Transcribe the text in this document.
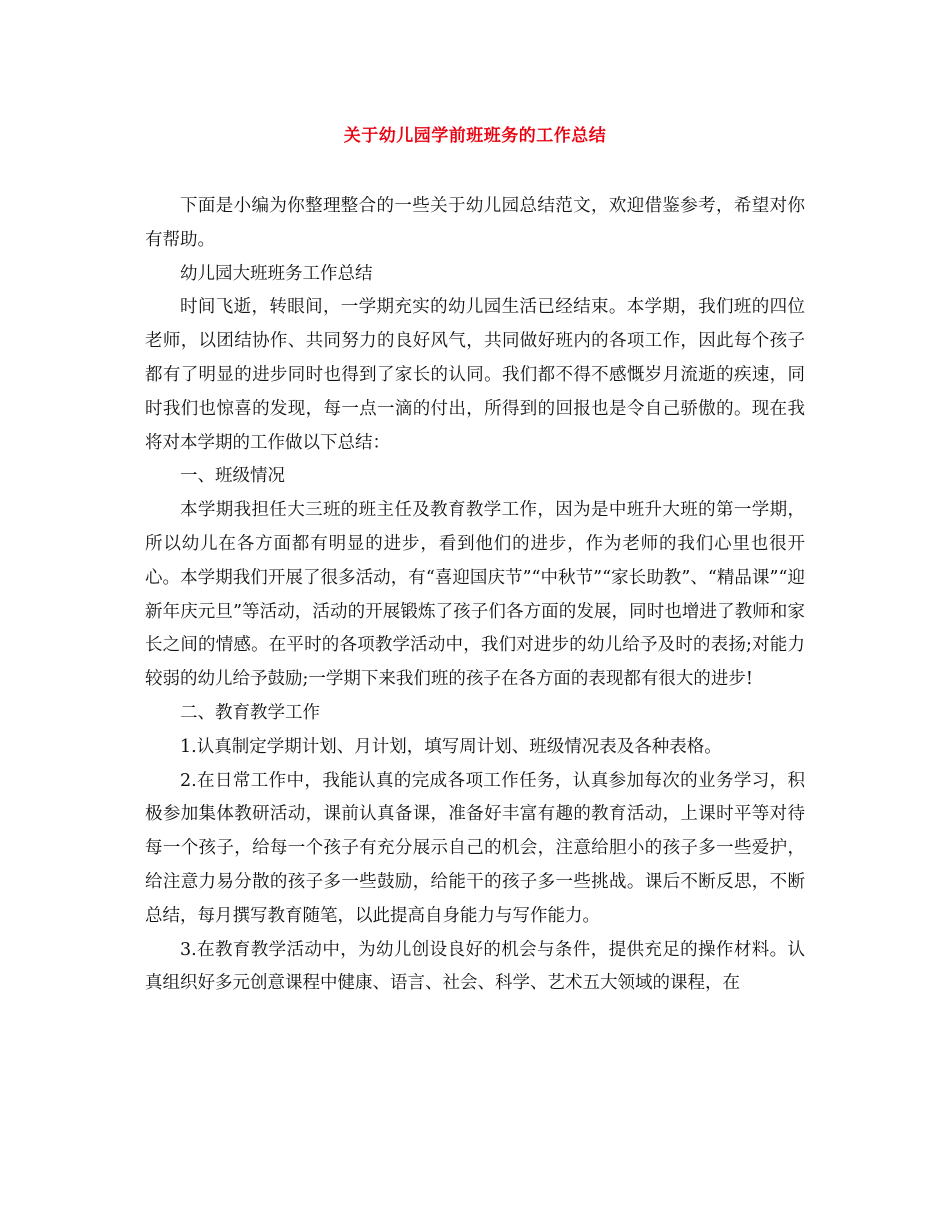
关于幼儿园学前班班务的工作总结

下面是小编为你整理整合的一些关于幼儿园总结范文，欢迎借鉴参考，希望对你有帮助。

幼儿园大班班务工作总结

时间飞逝，转眼间，一学期充实的幼儿园生活已经结束。本学期，我们班的四位老师，以团结协作、共同努力的良好风气，共同做好班内的各项工作，因此每个孩子都有了明显的进步同时也得到了家长的认同。我们都不得不感慨岁月流逝的疾速，同时我们也惊喜的发现，每一点一滴的付出，所得到的回报也是令自己骄傲的。现在我将对本学期的工作做以下总结：

一、班级情况

本学期我担任大三班的班主任及教育教学工作，因为是中班升大班的第一学期，所以幼儿在各方面都有明显的进步，看到他们的进步，作为老师的我们心里也很开心。本学期我们开展了很多活动，有“喜迎国庆节”“中秋节”“家长助教”、“精品课”“迎新年庆元旦”等活动，活动的开展锻炼了孩子们各方面的发展，同时也增进了教师和家长之间的情感。在平时的各项教学活动中，我们对进步的幼儿给予及时的表扬;对能力较弱的幼儿给予鼓励;一学期下来我们班的孩子在各方面的表现都有很大的进步!

二、教育教学工作

1.认真制定学期计划、月计划，填写周计划、班级情况表及各种表格。

2.在日常工作中，我能认真的完成各项工作任务，认真参加每次的业务学习，积极参加集体教研活动，课前认真备课，准备好丰富有趣的教育活动，上课时平等对待每一个孩子，给每一个孩子有充分展示自己的机会，注意给胆小的孩子多一些爱护，给注意力易分散的孩子多一些鼓励，给能干的孩子多一些挑战。课后不断反思，不断总结，每月撰写教育随笔，以此提高自身能力与写作能力。

3.在教育教学活动中，为幼儿创设良好的机会与条件，提供充足的操作材料。认真组织好多元创意课程中健康、语言、社会、科学、艺术五大领域的课程，在
